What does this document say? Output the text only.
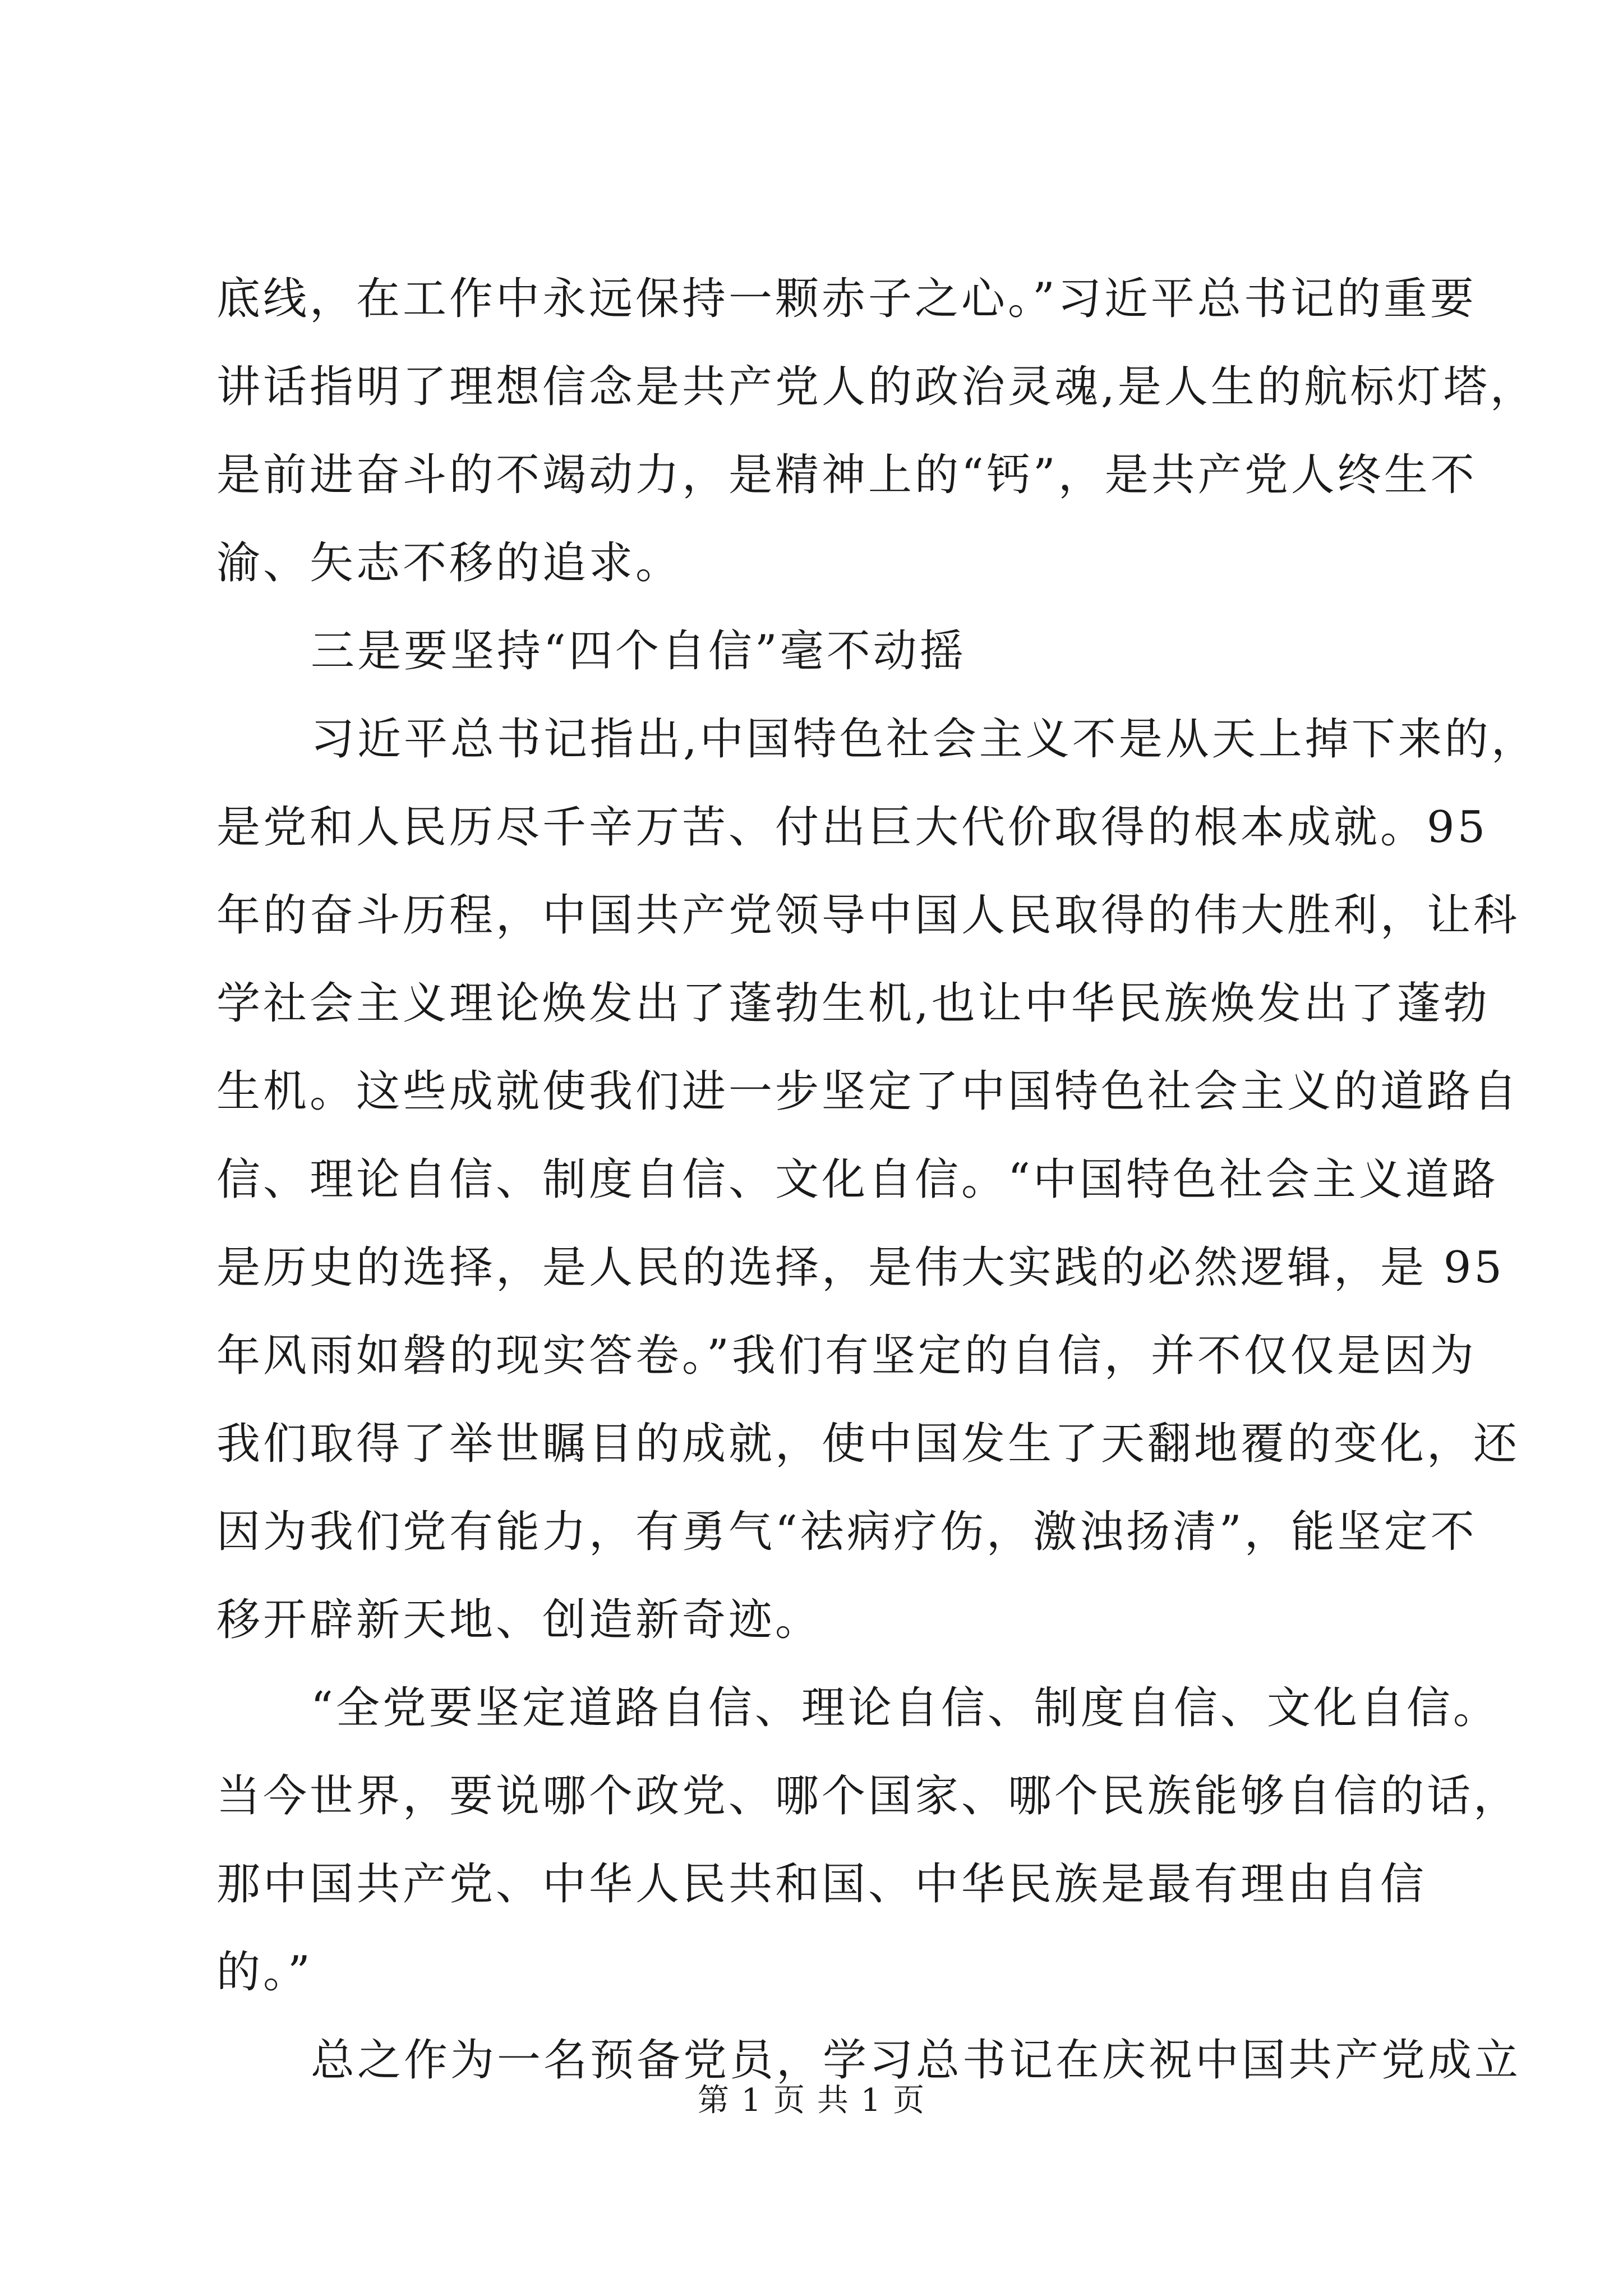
底线，在工作中永远保持一颗赤子之心。”习近平总书记的重要
讲话指明了理想信念是共产党人的政治灵魂,是人生的航标灯塔，
是前进奋斗的不竭动力，是精神上的“钙”，是共产党人终生不
渝、矢志不移的追求。
三是要坚持“四个自信”毫不动摇
习近平总书记指出,中国特色社会主义不是从天上掉下来的，
是党和人民历尽千辛万苦、付出巨大代价取得的根本成就。95
年的奋斗历程，中国共产党领导中国人民取得的伟大胜利，让科
学社会主义理论焕发出了蓬勃生机,也让中华民族焕发出了蓬勃
生机。这些成就使我们进一步坚定了中国特色社会主义的道路自
信、理论自信、制度自信、文化自信。“中国特色社会主义道路
是历史的选择，是人民的选择，是伟大实践的必然逻辑，是 95
年风雨如磐的现实答卷。”我们有坚定的自信，并不仅仅是因为
我们取得了举世瞩目的成就，使中国发生了天翻地覆的变化，还
因为我们党有能力，有勇气“祛病疗伤，激浊扬清”，能坚定不
移开辟新天地、创造新奇迹。
“全党要坚定道路自信、理论自信、制度自信、文化自信。
当今世界，要说哪个政党、哪个国家、哪个民族能够自信的话，
那中国共产党、中华人民共和国、中华民族是最有理由自信
的。”
总之作为一名预备党员，学习总书记在庆祝中国共产党成立
第 1 页 共 1 页
